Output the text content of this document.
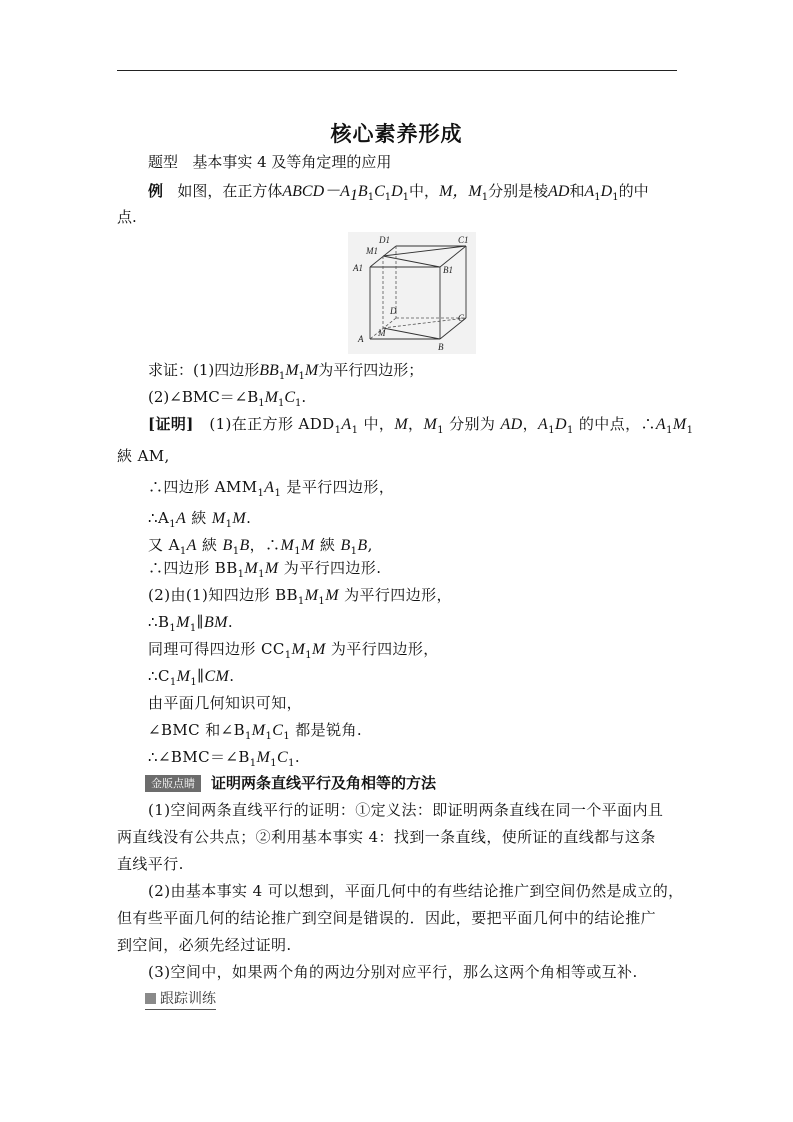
核心素养形成
题型 基本事实 4 及等角定理的应用
例 如图，在正方体$ABCD-A_1B_1C_1D_1$中，M，$M_1$分别是棱AD和$A_1D_1$的中
点.
D1	C1
M1
A1	B1
D
C
A
M
B
求证：(1)四边形$BB_1M_1M$为平行四边形；
$(2)\angle BMC=\angle B_1M_1C_1$.
[证明] (1)在正方形 $ADD_1A_1$ 中，M，$M_1$ 分别为 AD，$A_1D_1$ 的中点，$\therefore A_1M_1$
綊 AM,
∴四边形 $AMM_1A_1$ 是平行四边形，
$\therefore A_1A$ 綊 $M_1M$.
又 $A_1A$ 綊 $B_1B$，$\therefore M_1M$ 綊 $B_1B$,
∴四边形 $BB_1M_1M$ 为平行四边形.
(2)由(1)知四边形 $BB_1M_1M$ 为平行四边形，
$\therefore B_1M_1\parallel BM$.
同理可得四边形 $CC_1M_1M$ 为平行四边形，
$\therefore C_1M_1\parallel CM$.
由平面几何知识可知，
∠BMC 和$\angle B_1M_1C_1$ 都是锐角.
$\therefore\angle BMC=\angle B_1M_1C_1$.
金版点睛 证明两条直线平行及角相等的方法
(1)空间两条直线平行的证明：①定义法：即证明两条直线在同一个平面内且
两直线没有公共点；②利用基本事实 4：找到一条直线，使所证的直线都与这条
直线平行.
(2)由基本事实 4 可以想到，平面几何中的有些结论推广到空间仍然是成立的，
但有些平面几何的结论推广到空间是错误的．因此，要把平面几何中的结论推广
到空间，必须先经过证明.
(3)空间中，如果两个角的两边分别对应平行，那么这两个角相等或互补.
跟踪训练
